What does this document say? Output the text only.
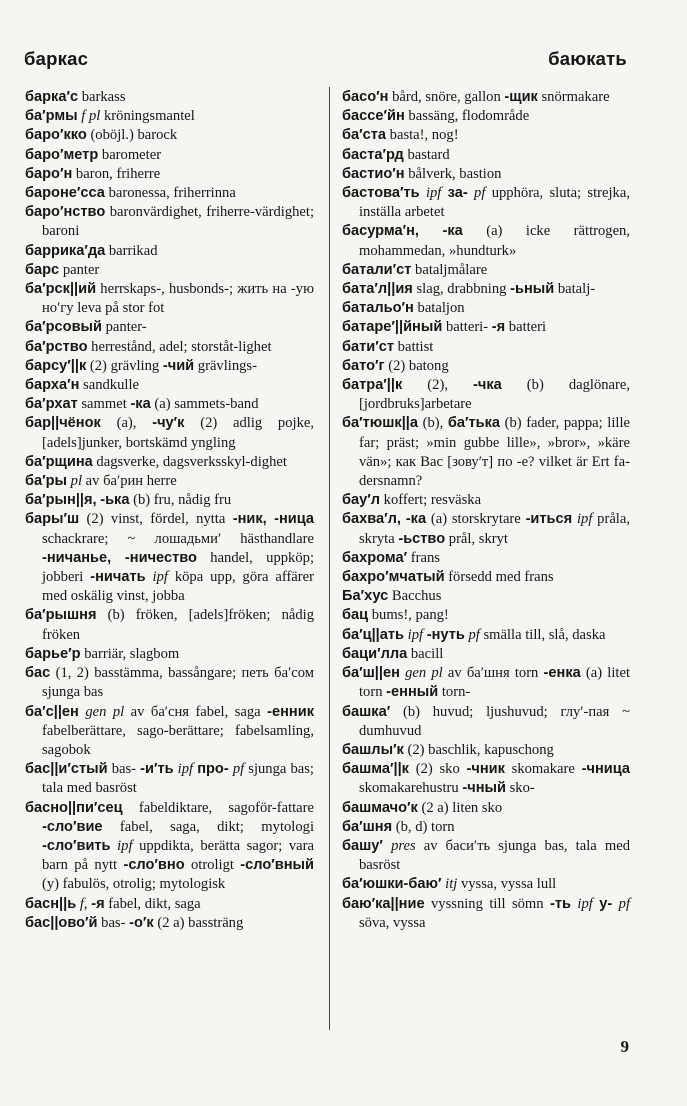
баркас	баюкать
барка′с barkass
ба′рмы f pl kröningsmantel
баро′кко (oböjl.) barock
баро′метр barometer
баро′н baron, friherre
бароне′сса baronessa, friherrinna
баро′нство baronvärdighet, friherre-värdighet; baroni
баррика′да barrikad
барс panter
ба′рск||ий herrskaps-, husbonds-; жить на -ую но′гу leva på stor fot
ба′рсовый panter-
ба′рство herrestånd, adel; storståt-lighet
барсу′||к (2) grävling -чий grävlings-
барха′н sandkulle
ба′рхат sammet -ка (a) sammets-band
бар||чёнок (a), -чу′к (2) adlig pojke, [adels]junker, bortskämd yngling
ба′рщина dagsverke, dagsverksskyl-dighet
ба′ры pl av ба′рин herre
ба′рын||я, -ька (b) fru, nådig fru
бары′ш (2) vinst, fördel, nytta -ник, -ница schackrare; ~ лошадьми′ hästhandlare -ничанье, -ничество handel, uppköp; jobberi -ничать ipf köpa upp, göra affärer med oskälig vinst, jobba
ба′рышня (b) fröken, [adels]fröken; nådig fröken
барье′р barriär, slagbom
бас (1, 2) basstämma, bassångare; петь ба′сом sjunga bas
ба′с||ен gen pl av ба′сня fabel, saga -енник fabelberättare, sago-berättare; fabelsamling, sagobok
бас||и′стый bas- -и′ть ipf про- pf sjunga bas; tala med basröst
басно||пи′сец fabeldiktare, sagoför-fattare -сло′вие fabel, saga, dikt; mytologi -сло′вить ipf uppdikta, berätta sagor; vara barn på nytt -сло′вно otroligt -сло′вный (y) fabulös, otrolig; mytologisk
басн||ь f, -я fabel, dikt, saga
бас||ово′й bas- -о′к (2 a) bassträng
басо′н bård, snöre, gallon -щик snörmakare
бассе′йн bassäng, flodområde
ба′ста basta!, nog!
баста′рд bastard
бастио′н bålverk, bastion
бастова′ть ipf за- pf upphöra, sluta; strejka, inställa arbetet
басурма′н, -ка (a) icke rättrogen, mohammedan, »hundturk»
батали′ст bataljmålare
бата′л||ия slag, drabbning -ьный batalj-
батальо′н bataljon
батаре′||йный batteri- -я batteri
бати′ст battist
бато′г (2) batong
батра′||к (2), -чка (b) daglönare, [jordbruks]arbetare
ба′тюшк||а (b), ба′тька (b) fader, pappa; lille far; präst; »min gubbe lille», »bror», »käre vän»; как Вас [зову′т] по -е? vilket är Ert fa-dersnamn?
бау′л koffert; resväska
бахва′л, -ка (a) storskrytare -иться ipf pråla, skryta -ьство prål, skryt
бахрома′ frans
бахро′мчатый försedd med frans
Ба′хус Bacchus
бац bums!, pang!
ба′ц||ать ipf -нуть pf smälla till, slå, daska
баци′лла bacill
ба′ш||ен gen pl av ба′шня torn -енка (a) litet torn -енный torn-
башка′ (b) huvud; ljushuvud; глу′-пая ~ dumhuvud
башлы′к (2) baschlik, kapuschong
башма′||к (2) sko -чник skomakare -чница skomakarehustru -чный sko-
башмачо′к (2 a) liten sko
ба′шня (b, d) torn
башу′ pres av баси′ть sjunga bas, tala med basröst
ба′юшки-баю′ itj vyssa, vyssa lull
баю′ка||ние vyssning till sömn -ть ipf у- pf söva, vyssa
9
